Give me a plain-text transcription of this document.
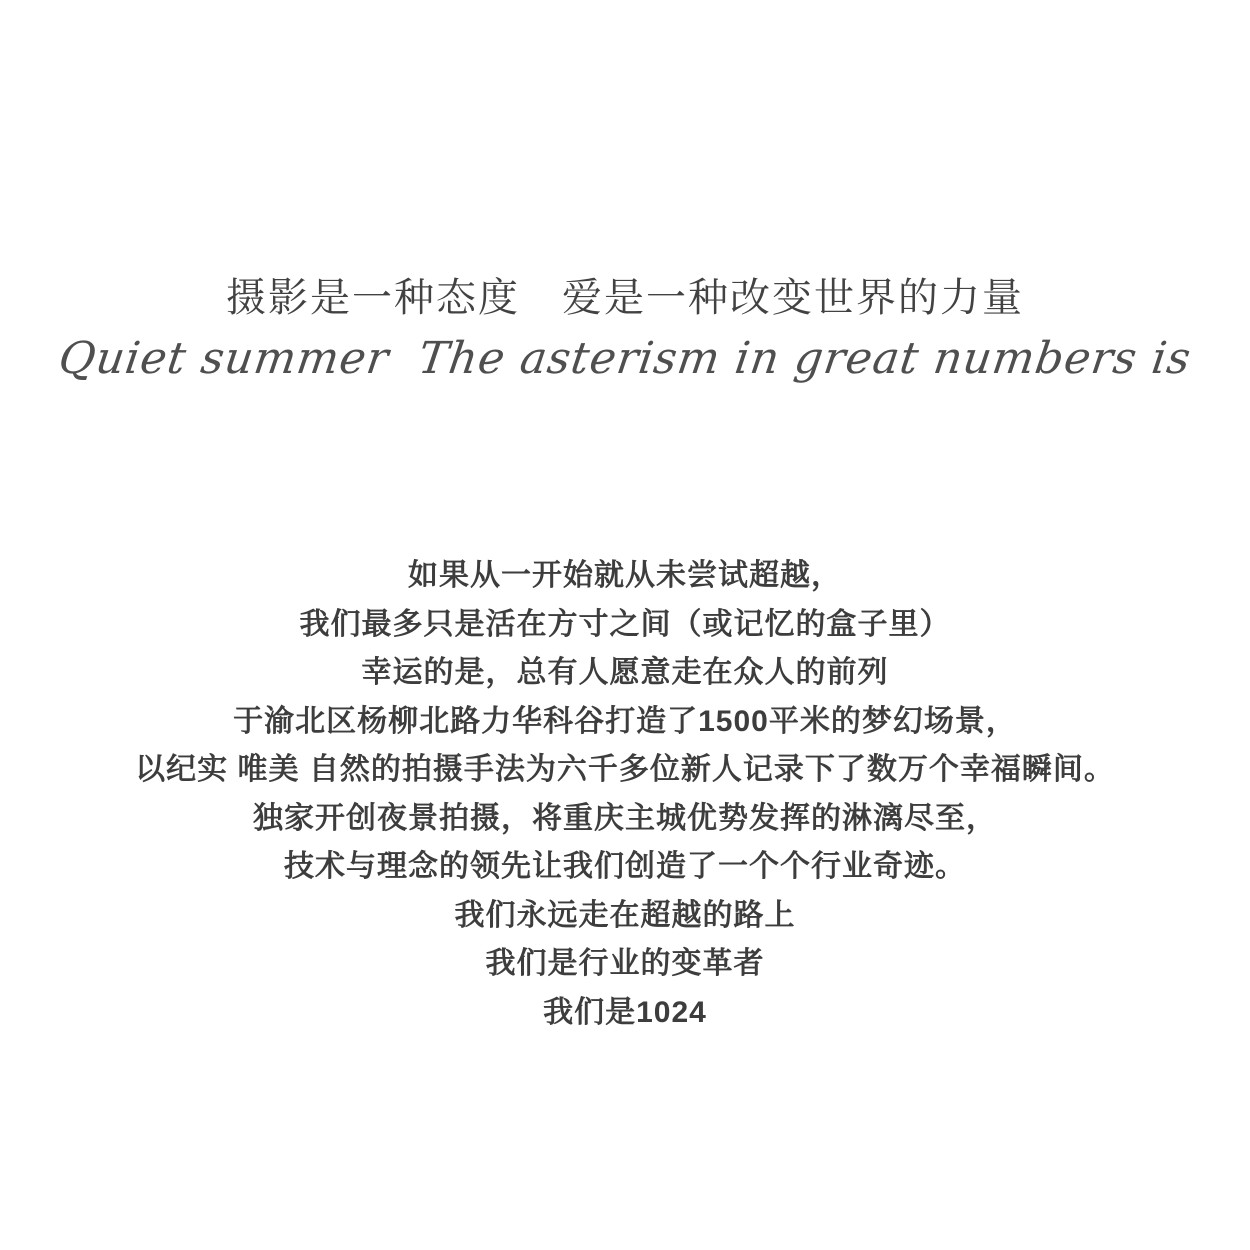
摄影是一种态度　爱是一种改变世界的力量
Quiet summer  The asterism in great numbers is
如果从一开始就从未尝试超越，
我们最多只是活在方寸之间（或记忆的盒子里）
幸运的是，总有人愿意走在众人的前列
于渝北区杨柳北路力华科谷打造了1500平米的梦幻场景，
以纪实 唯美 自然的拍摄手法为六千多位新人记录下了数万个幸福瞬间。
独家开创夜景拍摄，将重庆主城优势发挥的淋漓尽至，
技术与理念的领先让我们创造了一个个行业奇迹。
我们永远走在超越的路上
我们是行业的变革者
我们是1024
